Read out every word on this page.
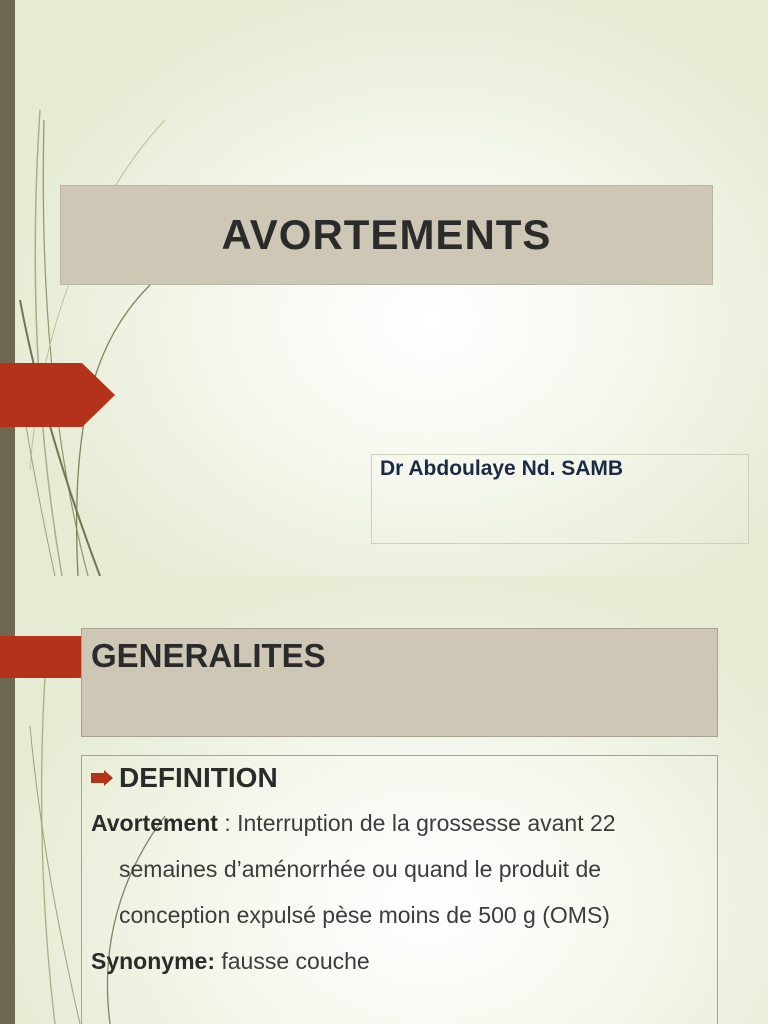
AVORTEMENTS
Dr Abdoulaye Nd. SAMB
GENERALITES
DEFINITION

Avortement : Interruption de la grossesse avant 22 semaines d’aménorrhée ou quand le produit de conception expulsé pèse moins de 500 g (OMS)

Synonyme: fausse couche
